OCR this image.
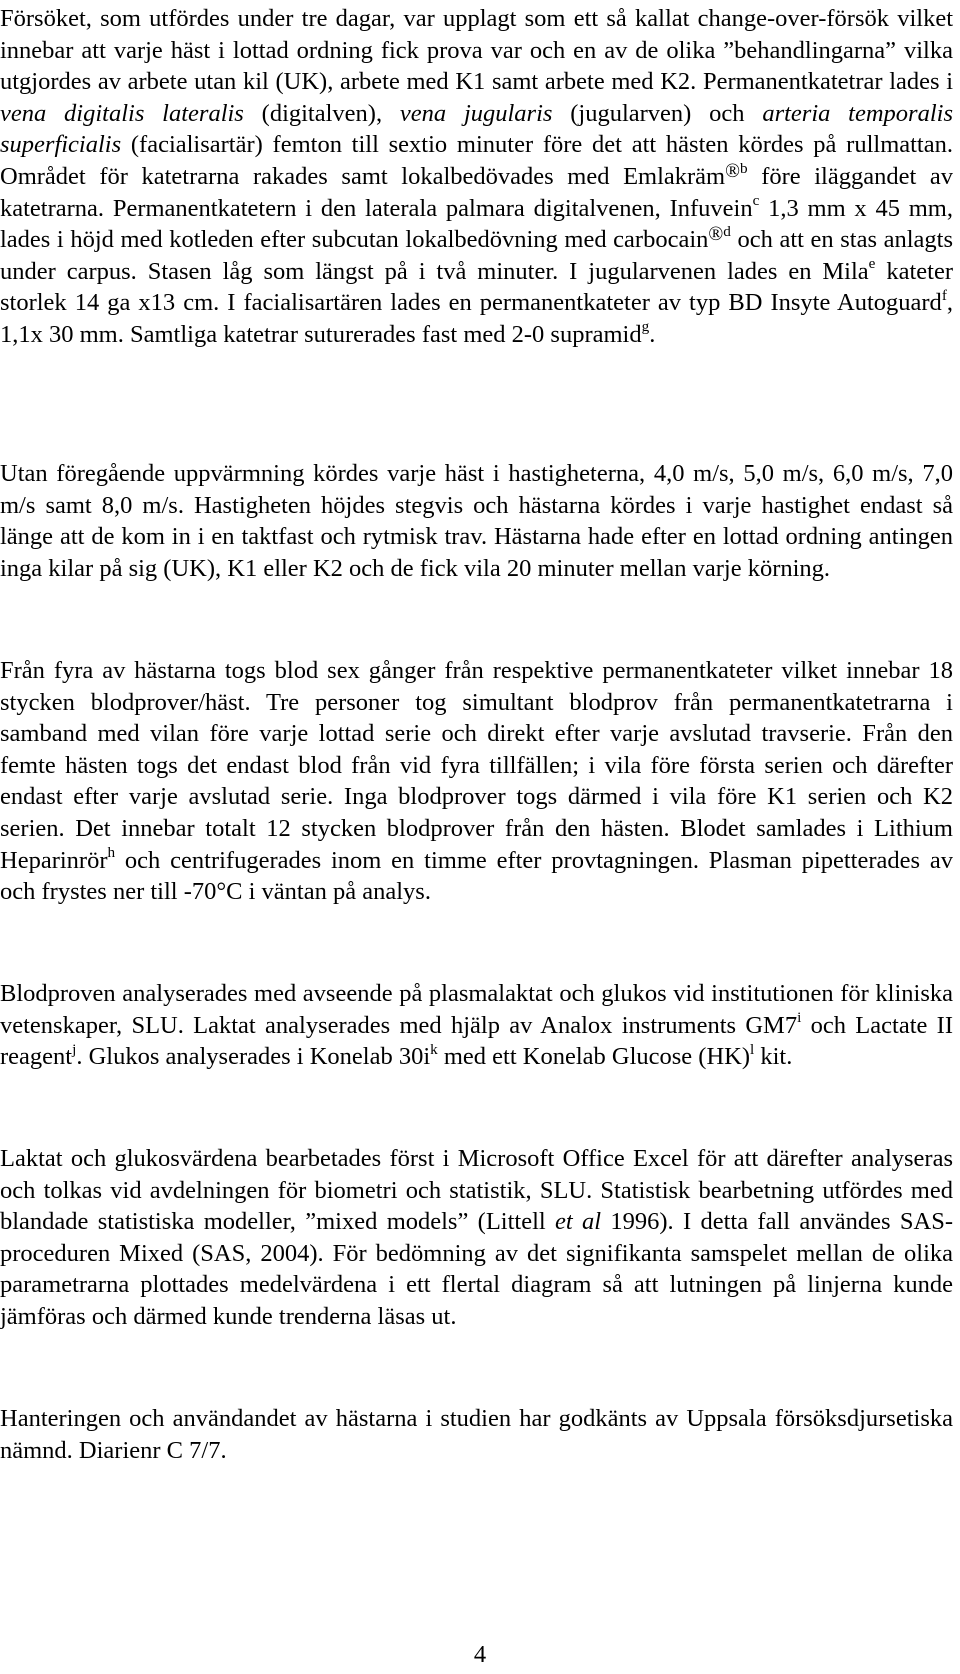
Försöket, som utfördes under tre dagar, var upplagt som ett så kallat change-over-försök vilket innebar att varje häst i lottad ordning fick prova var och en av de olika ”behandlingarna” vilka utgjordes av arbete utan kil (UK), arbete med K1 samt arbete med K2. Permanentkatetrar lades i vena digitalis lateralis (digitalven), vena jugularis (jugularven) och arteria temporalis superficialis (facialisartär) femton till sextio minuter före det att hästen kördes på rullmattan. Området för katetrarna rakades samt lokalbedövades med Emlakräm$^{®b}$ före iläggandet av katetrarna. Permanentkatetern i den laterala palmara digitalvenen, Infuvein$^c$ 1,3 mm x 45 mm, lades i höjd med kotleden efter subcutan lokalbedövning med carbocain$^{®d}$ och att en stas anlagts under carpus. Stasen låg som längst på i två minuter. I jugularvenen lades en Mila$^e$ kateter storlek 14 ga x13 cm. I facialisartären lades en permanentkateter av typ BD Insyte Autoguard$^f$, 1,1x 30 mm. Samtliga katetrar suturerades fast med 2-0 supramid$^g$.

Utan föregående uppvärmning kördes varje häst i hastigheterna, 4,0 m/s, 5,0 m/s, 6,0 m/s, 7,0 m/s samt 8,0 m/s. Hastigheten höjdes stegvis och hästarna kördes i varje hastighet endast så länge att de kom in i en taktfast och rytmisk trav. Hästarna hade efter en lottad ordning antingen inga kilar på sig (UK), K1 eller K2 och de fick vila 20 minuter mellan varje körning.

Från fyra av hästarna togs blod sex gånger från respektive permanentkateter vilket innebar 18 stycken blodprover/häst. Tre personer tog simultant blodprov från permanentkatetrarna i samband med vilan före varje lottad serie och direkt efter varje avslutad travserie. Från den femte hästen togs det endast blod från vid fyra tillfällen; i vila före första serien och därefter endast efter varje avslutad serie. Inga blodprover togs därmed i vila före K1 serien och K2 serien. Det innebar totalt 12 stycken blodprover från den hästen. Blodet samlades i Lithium Heparinrör$^h$ och centrifugerades inom en timme efter provtagningen. Plasman pipetterades av och frystes ner till -70°C i väntan på analys.

Blodproven analyserades med avseende på plasmalaktat och glukos vid institutionen för kliniska vetenskaper, SLU. Laktat analyserades med hjälp av Analox instruments GM7$^i$ och Lactate II reagent$^j$. Glukos analyserades i Konelab $30i^k$ med ett Konelab Glucose (HK)$^l$ kit.

Laktat och glukosvärdena bearbetades först i Microsoft Office Excel för att därefter analyseras och tolkas vid avdelningen för biometri och statistik, SLU. Statistisk bearbetning utfördes med blandade statistiska modeller, ”mixed models” (Littell et al 1996). I detta fall användes SAS-proceduren Mixed (SAS, 2004). För bedömning av det signifikanta samspelet mellan de olika parametrarna plottades medelvärdena i ett flertal diagram så att lutningen på linjerna kunde jämföras och därmed kunde trenderna läsas ut.

Hanteringen och användandet av hästarna i studien har godkänts av Uppsala försöksdjursetiska nämnd. Diarienr C 7/7.

4
